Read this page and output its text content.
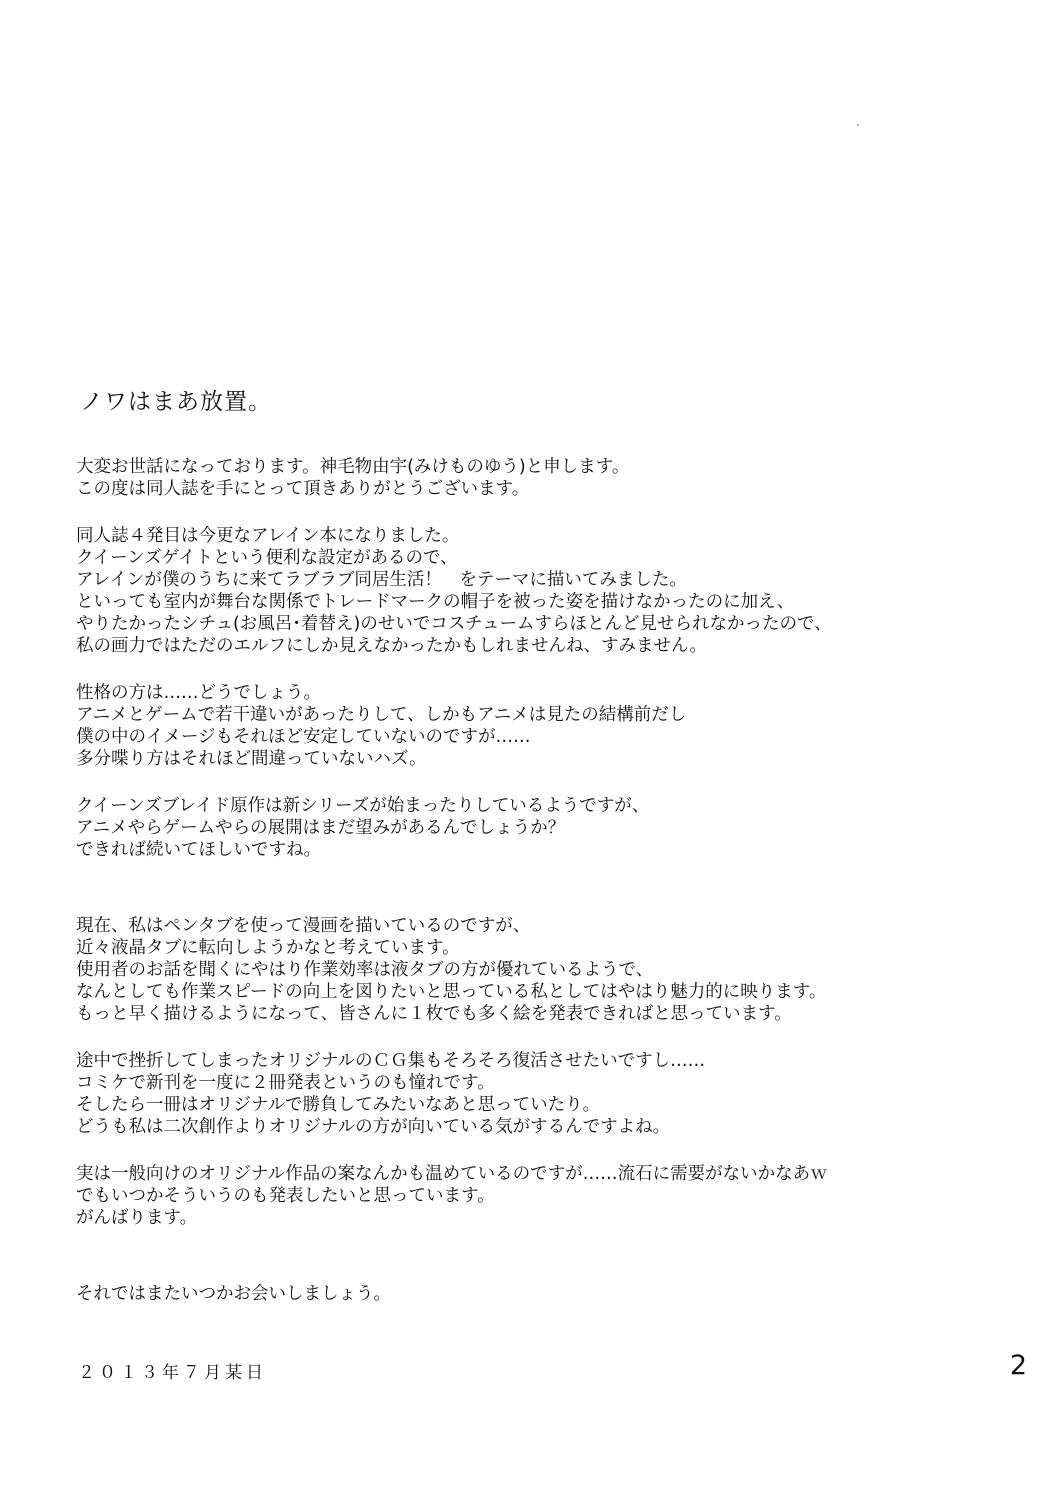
ノワはまあ放置。
大変お世話になっております。神毛物由宇(みけものゆう)と申します。
この度は同人誌を手にとって頂きありがとうございます。
同人誌４発目は今更なアレイン本になりました。
クイーンズゲイトという便利な設定があるので、
アレインが僕のうちに来てラブラブ同居生活！　をテーマに描いてみました。
といっても室内が舞台な関係でトレードマークの帽子を被った姿を描けなかったのに加え、
やりたかったシチュ(お風呂･着替え)のせいでコスチュームすらほとんど見せられなかったので、
私の画力ではただのエルフにしか見えなかったかもしれませんね、すみません。
性格の方は……どうでしょう。
アニメとゲームで若干違いがあったりして、しかもアニメは見たの結構前だし
僕の中のイメージもそれほど安定していないのですが……
多分喋り方はそれほど間違っていないハズ。
クイーンズブレイド原作は新シリーズが始まったりしているようですが、
アニメやらゲームやらの展開はまだ望みがあるんでしょうか？
できれば続いてほしいですね。
現在、私はペンタブを使って漫画を描いているのですが、
近々液晶タブに転向しようかなと考えています。
使用者のお話を聞くにやはり作業効率は液タブの方が優れているようで、
なんとしても作業スピードの向上を図りたいと思っている私としてはやはり魅力的に映ります。
もっと早く描けるようになって、皆さんに１枚でも多く絵を発表できればと思っています。
途中で挫折してしまったオリジナルのＣＧ集もそろそろ復活させたいですし……
コミケで新刊を一度に２冊発表というのも憧れです。
そしたら一冊はオリジナルで勝負してみたいなあと思っていたり。
どうも私は二次創作よりオリジナルの方が向いている気がするんですよね。
実は一般向けのオリジナル作品の案なんかも温めているのですが……流石に需要がないかなあｗ
でもいつかそういうのも発表したいと思っています。
がんばります。
それではまたいつかお会いしましょう。
２０１３年７月某日	2
